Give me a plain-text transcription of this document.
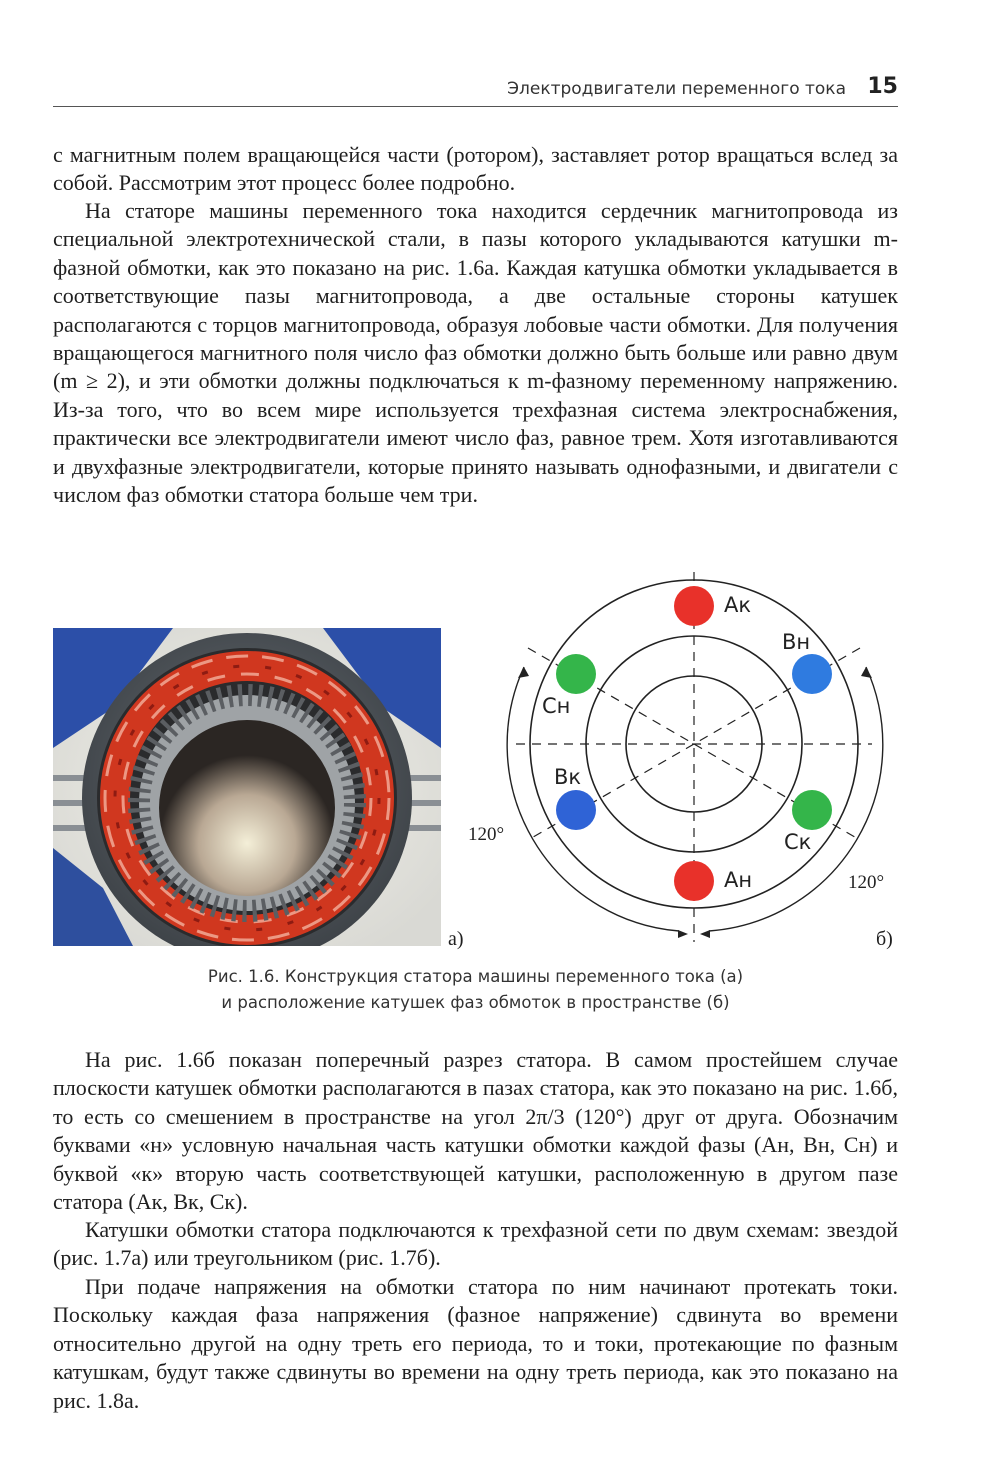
Электродвигатели переменного тока 15

с магнитным полем вращающейся части (ротором), заставляет ротор вращаться вслед за собой. Рассмотрим этот процесс более подробно.

На статоре машины переменного тока находится сердечник магнитопровода из специальной электротехнической стали, в пазы которого укладываются катушки m-фазной обмотки, как это показано на рис. 1.6а. Каждая катушка обмотки укладывается в соответствующие пазы магнитопровода, а две остальные стороны катушек располагаются с торцов магнитопровода, образуя лобовые части обмотки. Для получения вращающегося магнитного поля число фаз обмотки должно быть больше или равно двум (m ≥ 2), и эти обмотки должны подключаться к m-фазному переменному напряжению. Из-за того, что во всем мире используется трехфазная система электроснабжения, практически все электродвигатели имеют число фаз, равное трем. Хотя изготавливаются и двухфазные электродвигатели, которые принято называть однофазными, и двигатели с числом фаз обмотки статора больше чем три.

а)
Ак
Вн
Сн
Вк
Ск
Ан
120°
120°
б)
Рис. 1.6. Конструкция статора машины переменного тока (а)
и расположение катушек фаз обмоток в пространстве (б)

На рис. 1.6б показан поперечный разрез статора. В самом простейшем случае плоскости катушек обмотки располагаются в пазах статора, как это показано на рис. 1.6б, то есть со смешением в пространстве на угол 2π/3 (120°) друг от друга. Обозначим буквами «н» условную начальная часть катушки обмотки каждой фазы (Ан, Вн, Сн) и буквой «к» вторую часть соответствующей катушки, расположенную в другом пазе статора (Ак, Вк, Ск).

Катушки обмотки статора подключаются к трехфазной сети по двум схемам: звездой (рис. 1.7а) или треугольником (рис. 1.7б).

При подаче напряжения на обмотки статора по ним начинают протекать токи. Поскольку каждая фаза напряжения (фазное напряжение) сдвинута во времени относительно другой на одну треть его периода, то и токи, протекающие по фазным катушкам, будут также сдвинуты во времени на одну треть периода, как это показано на рис. 1.8а.
